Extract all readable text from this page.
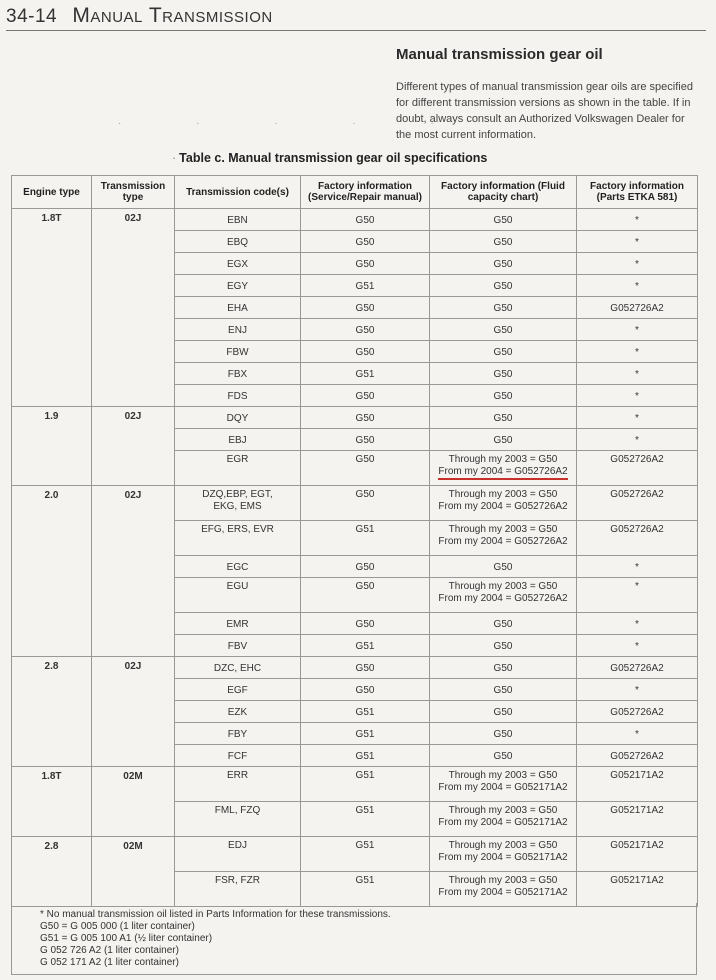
34-14 Manual Transmission
Manual transmission gear oil
Different types of manual transmission gear oils are specified for different transmission versions as shown in the table. If in doubt, always consult an Authorized Volkswagen Dealer for the most current information.
· · · · ·
· Table c. Manual transmission gear oil specifications
Engine type	Transmission type	Transmission code(s)	Factory information (Service/Repair manual)	Factory information (Fluid capacity chart)	Factory information (Parts ETKA 581)
1.8T	02J	EBN	G50	G50	*
		EBQ	G50	G50	*
		EGX	G50	G50	*
		EGY	G51	G50	*
		EHA	G50	G50	G052726A2
		ENJ	G50	G50	*
		FBW	G50	G50	*
		FBX	G51	G50	*
		FDS	G50	G50	*
1.9	02J	DQY	G50	G50	*
		EBJ	G50	G50	*
		EGR	G50	Through my 2003 = G50
From my 2004 = G052726A2	G052726A2
2.0	02J	DZQ,EBP, EGT, EKG, EMS	G50	Through my 2003 = G50
From my 2004 = G052726A2	G052726A2
		EFG, ERS, EVR	G51	Through my 2003 = G50
From my 2004 = G052726A2	G052726A2
		EGC	G50	G50	*
		EGU	G50	Through my 2003 = G50
From my 2004 = G052726A2	*
		EMR	G50	G50	*
		FBV	G51	G50	*
2.8	02J	DZC, EHC	G50	G50	G052726A2
		EGF	G50	G50	*
		EZK	G51	G50	G052726A2
		FBY	G51	G50	*
		FCF	G51	G50	G052726A2
1.8T	02M	ERR	G51	Through my 2003 = G50
From my 2004 = G052171A2	G052171A2
		FML, FZQ	G51	Through my 2003 = G50
From my 2004 = G052171A2	G052171A2
2.8	02M	EDJ	G51	Through my 2003 = G50
From my 2004 = G052171A2	G052171A2
		FSR, FZR	G51	Through my 2003 = G50
From my 2004 = G052171A2	G052171A2
* No manual transmission oil listed in Parts Information for these transmissions.
G50 = G 005 000 (1 liter container)
G51 = G 005 100 A1 (½ liter container)
G 052 726 A2 (1 liter container)
G 052 171 A2 (1 liter container)
